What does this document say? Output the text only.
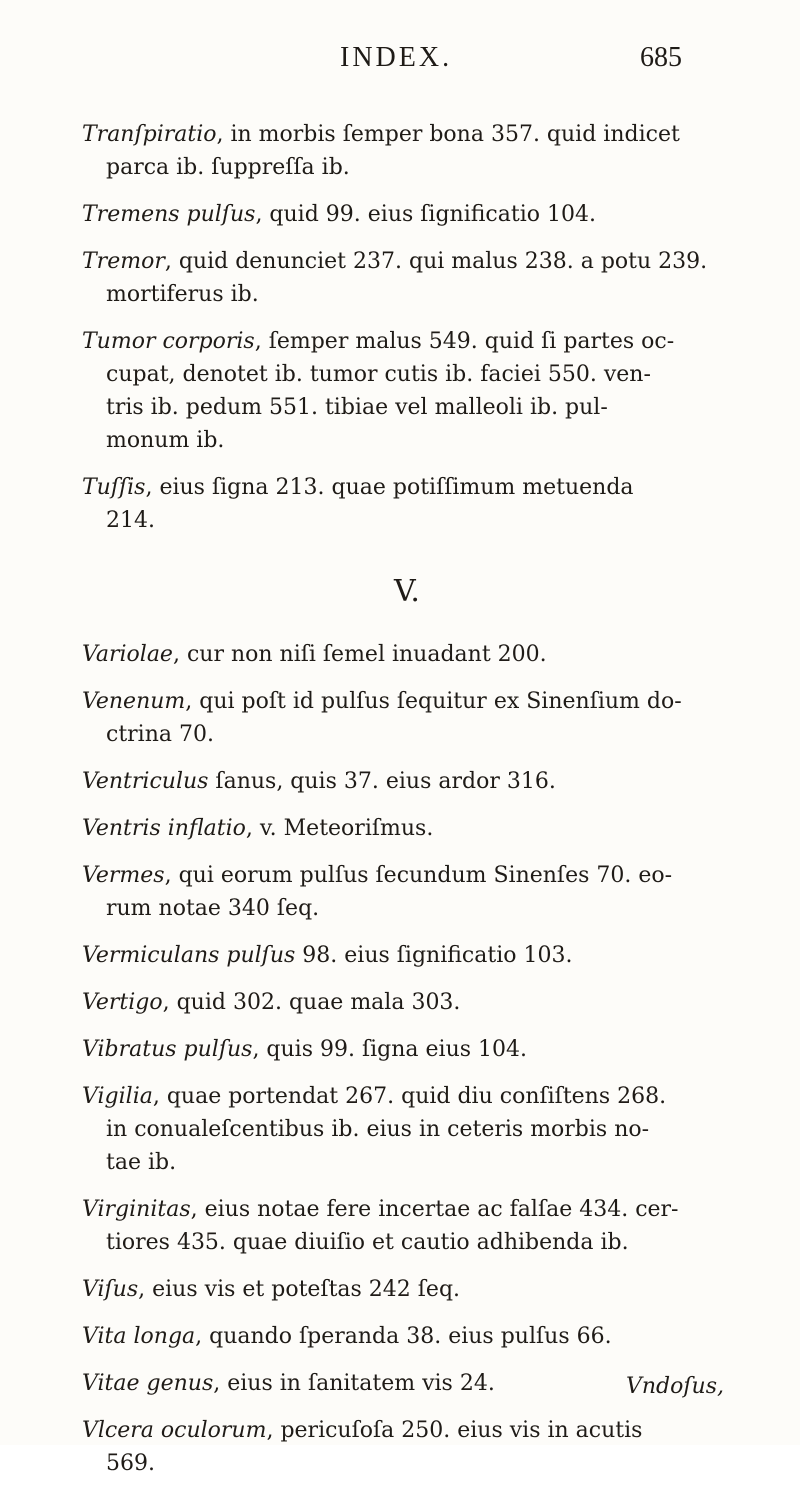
INDEX.	685

Tranſpiratio, in morbis ſemper bona 357. quid indicet parca ib. ſuppreſſa ib.

Tremens pulſus, quid 99. eius ſignificatio 104.

Tremor, quid denunciet 237. qui malus 238. a potu 239. mortiferus ib.

Tumor corporis, ſemper malus 549. quid ſi partes oc-
cupat, denotet ib. tumor cutis ib. faciei 550. ven-
tris ib. pedum 551. tibiae vel malleoli ib. pul-
monum ib.

Tuſſis, eius ſigna 213. quae potiſſimum metuenda
214.

V.

Variolae, cur non niſi ſemel inuadant 200.

Venenum, qui poſt id pulſus ſequitur ex Sinenſium do-
ctrina 70.

Ventriculus ſanus, quis 37. eius ardor 316.

Ventris inflatio, v. Meteoriſmus.

Vermes, qui eorum pulſus ſecundum Sinenſes 70. eo-
rum notae 340 ſeq.

Vermiculans pulſus 98. eius ſignificatio 103.

Vertigo, quid 302. quae mala 303.

Vibratus pulſus, quis 99. ſigna eius 104.

Vigilia, quae portendat 267. quid diu conſiſtens 268.
in conualeſcentibus ib. eius in ceteris morbis no-
tae ib.

Virginitas, eius notae fere incertae ac falſae 434. cer-
tiores 435. quae diuiſio et cautio adhibenda ib.

Viſus, eius vis et poteſtas 242 ſeq.

Vita longa, quando ſperanda 38. eius pulſus 66.

Vitae genus, eius in ſanitatem vis 24.

Vlcera oculorum, pericuſoſa 250. eius vis in acutis
569.

Vndoſus,
